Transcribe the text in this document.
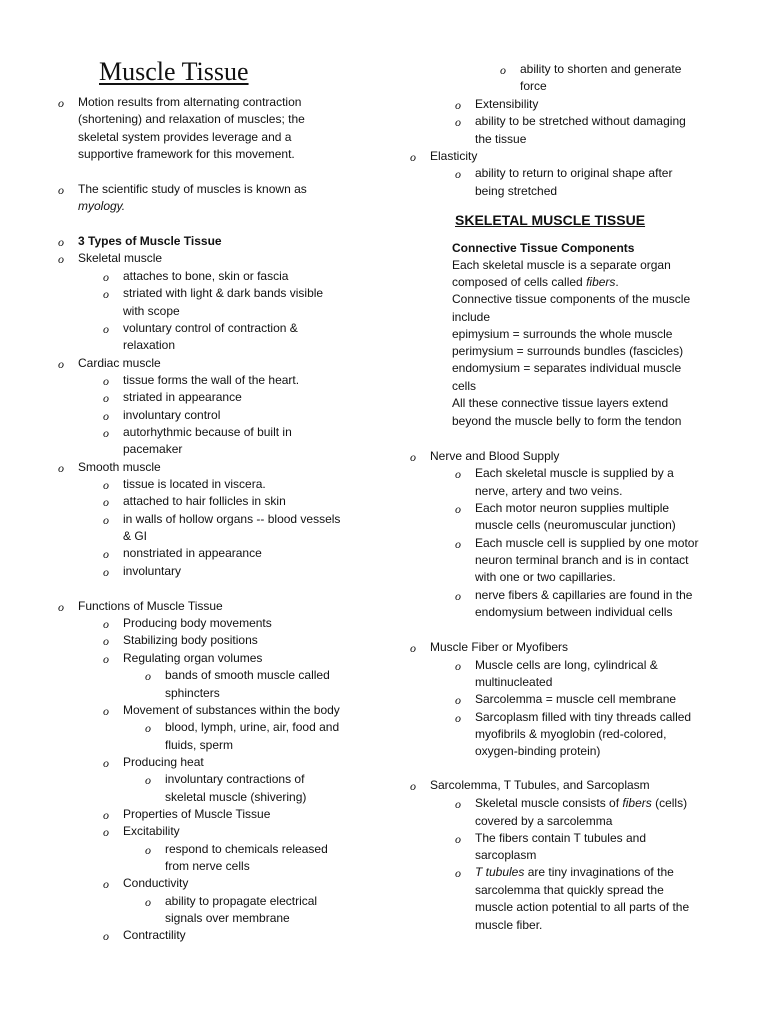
Muscle Tissue
SKELETAL MUSCLE TISSUE
o Motion results from alternating contraction
(shortening) and relaxation of muscles; the
skeletal system provides leverage and a
supportive framework for this movement.
o The scientific study of muscles is known as
myology.
o 3 Types of Muscle Tissue
o Skeletal muscle
o attaches to bone, skin or fascia
o striated with light & dark bands visible
with scope
o voluntary control of contraction &
relaxation
o Cardiac muscle
o tissue forms the wall of the heart.
o striated in appearance
o involuntary control
o autorhythmic because of built in
pacemaker
o Smooth muscle
o tissue is located in viscera.
o attached to hair follicles in skin
o in walls of hollow organs -- blood vessels
& GI
o nonstriated in appearance
o involuntary
o Functions of Muscle Tissue
o Producing body movements
o Stabilizing body positions
o Regulating organ volumes
o bands of smooth muscle called
sphincters
o Movement of substances within the body
o blood, lymph, urine, air, food and
fluids, sperm
o Producing heat
o involuntary contractions of
skeletal muscle (shivering)
o Properties of Muscle Tissue
o Excitability
o respond to chemicals released
from nerve cells
o Conductivity
o ability to propagate electrical
signals over membrane
o Contractility
o ability to shorten and generate
force
o Extensibility
o ability to be stretched without damaging
the tissue
o Elasticity
o ability to return to original shape after
being stretched
Connective Tissue Components
Each skeletal muscle is a separate organ
epimysium = surrounds the whole muscle
perimysium = surrounds bundles (fascicles)
endomysium = separates individual muscle
cells
All these connective tissue layers extend
beyond the muscle belly to form the tendon
Connective tissue components of the muscle
include
o Nerve and Blood Supply
o Each skeletal muscle is supplied by a
nerve, artery and two veins.
o Each motor neuron supplies multiple
muscle cells (neuromuscular junction)
o Each muscle cell is supplied by one motor
neuron terminal branch and is in contact
with one or two capillaries.
o nerve fibers & capillaries are found in the
endomysium between individual cells
o Muscle Fiber or Myofibers
o Muscle cells are long, cylindrical &
multinucleated
o Sarcolemma = muscle cell membrane
o Sarcoplasm filled with tiny threads called
myofibrils & myoglobin (red-colored,
oxygen-binding protein)
o Sarcolemma, T Tubules, and Sarcoplasm
covered by a sarcolemma
o The fibers contain T tubules and
sarcoplasm
sarcolemma that quickly spread the
muscle action potential to all parts of the
muscle fiber.
composed of cells called fibers.
o Skeletal muscle consists of fibers (cells)
o T tubules are tiny invaginations of the
